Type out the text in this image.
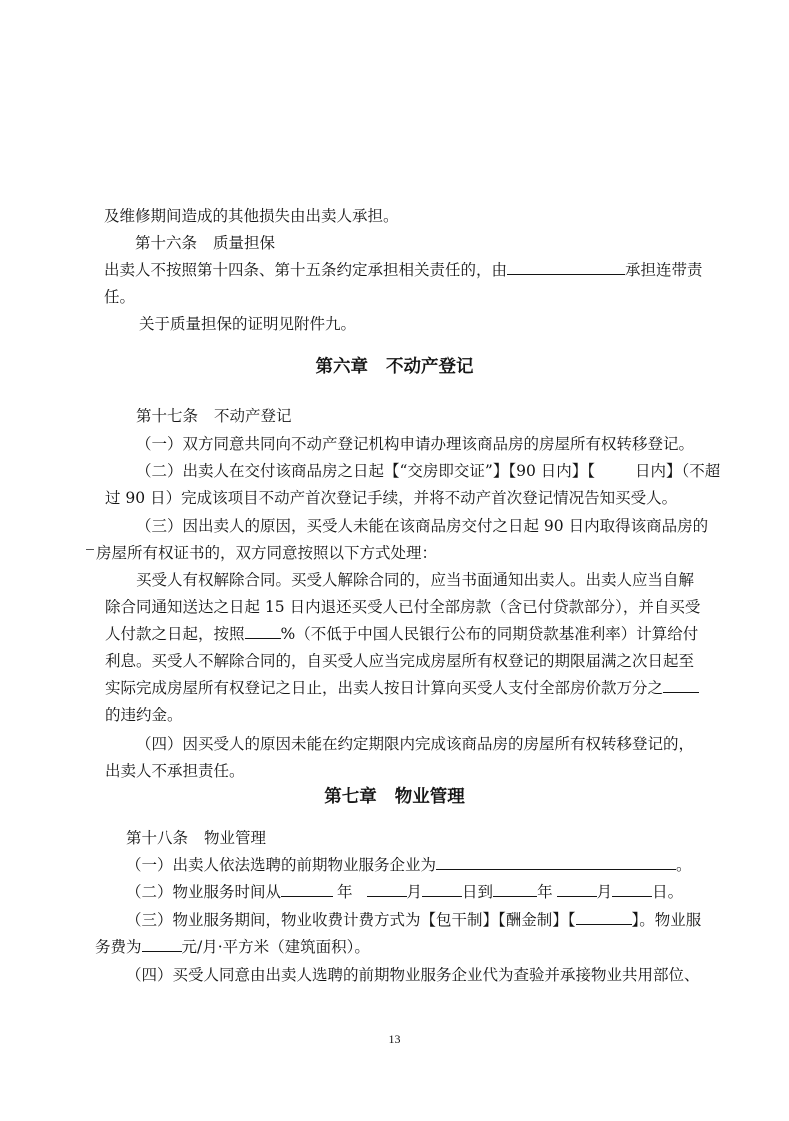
及维修期间造成的其他损失由出卖人承担。
第十六条 质量担保
出卖人不按照第十四条、第十五条约定承担相关责任的，由	承担连带责
任。
关于质量担保的证明见附件九。
第六章 不动产登记
第十七条 不动产登记
（一）双方同意共同向不动产登记机构申请办理该商品房的房屋所有权转移登记。
（二）出卖人在交付该商品房之日起【“交房即交证”】【90 日内】【	日内】（不超
过 90 日）完成该项目不动产首次登记手续，并将不动产首次登记情况告知买受人。
（三）因出卖人的原因，买受人未能在该商品房交付之日起 90 日内取得该商品房的
房屋所有权证书的，双方同意按照以下方式处理：
买受人有权解除合同。买受人解除合同的，应当书面通知出卖人。出卖人应当自解
除合同通知送达之日起 15 日内退还买受人已付全部房款（含已付贷款部分），并自买受
人付款之日起，按照 %（不低于中国人民银行公布的同期贷款基准利率）计算给付
利息。买受人不解除合同的，自买受人应当完成房屋所有权登记的期限届满之次日起至
实际完成房屋所有权登记之日止，出卖人按日计算向买受人支付全部房价款万分之
的违约金。
（四）因买受人的原因未能在约定期限内完成该商品房的房屋所有权转移登记的，
出卖人不承担责任。
第七章 物业管理
第十八条 物业管理
（一）出卖人依法选聘的前期物业服务企业为	。
（二）物业服务时间从	年	月	日到	年	月	日。
（三）物业服务期间，物业收费计费方式为【包干制】【酬金制】【	】。物业服
务费为	元/月·平方米（建筑面积）。
（四）买受人同意由出卖人选聘的前期物业服务企业代为查验并承接物业共用部位、
13
